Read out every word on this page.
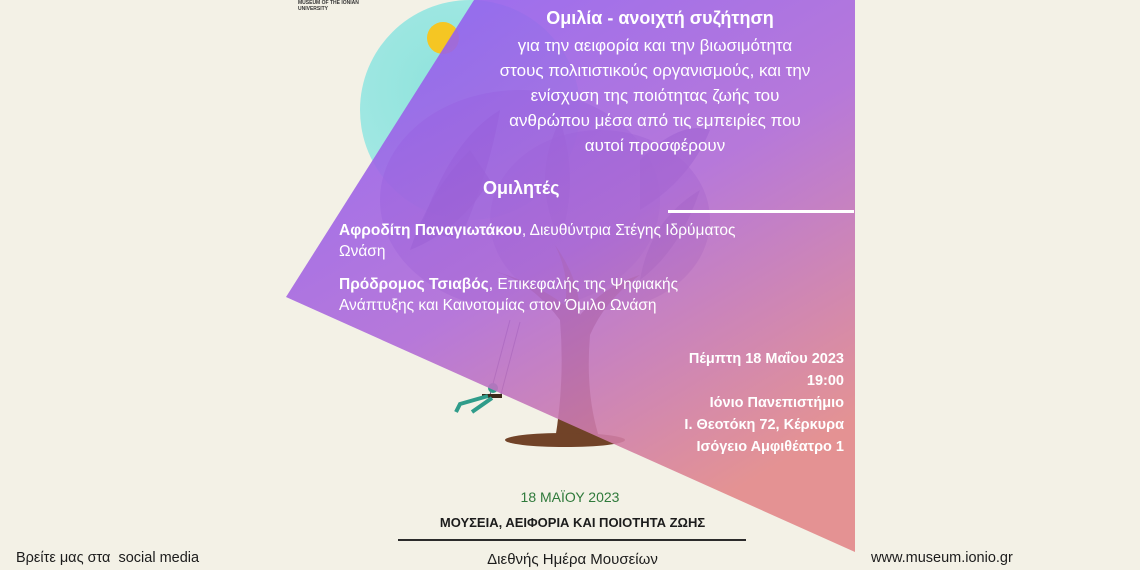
MUSEUM OF THE IONIAN UNIVERSITY	Ομιλία - ανοιχτή συζήτηση
για την αειφορία και την βιωσιμότητα
στους πολιτιστικούς οργανισμούς, και την
ενίσχυση της ποιότητας ζωής του
ανθρώπου μέσα από τις εμπειρίες που
αυτοί προσφέρουν
Ομιλητές
Αφροδίτη Παναγιωτάκου, Διευθύντρια Στέγης Ιδρύματος
Ωνάση
Πρόδρομος Τσιαβός, Επικεφαλής της Ψηφιακής
Ανάπτυξης και Καινοτομίας στον Όμιλο Ωνάση
Πέμπτη 18 Μαΐου 2023
19:00
Ιόνιο Πανεπιστήμιο
Ι. Θεοτόκη 72, Κέρκυρα
Ισόγειο Αμφιθέατρο 1
18 ΜΑΪΟΥ 2023
ΜΟΥΣΕΙΑ, ΑΕΙΦΟΡΙΑ ΚΑΙ ΠΟΙΟΤΗΤΑ ΖΩΗΣ
Διεθνής Ημέρα Μουσείων
Βρείτε μας στα  social media	www.museum.ionio.gr
